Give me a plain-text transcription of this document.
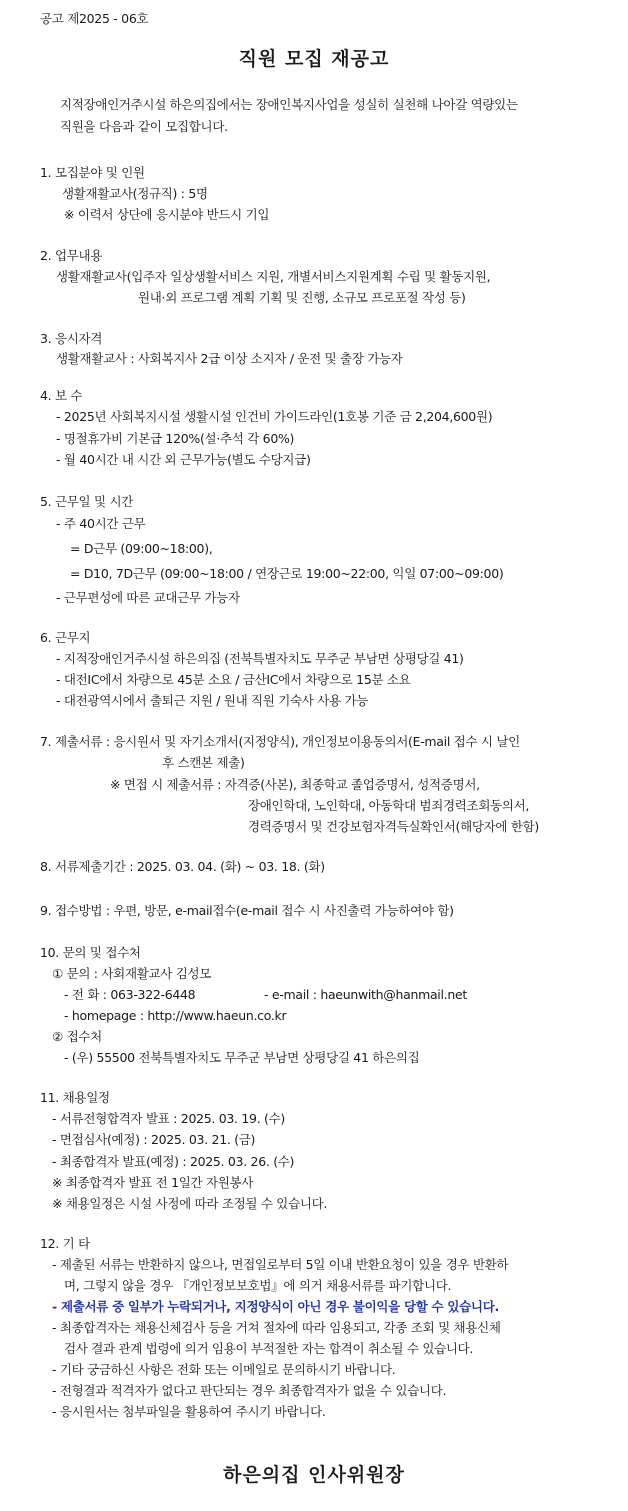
공고 제2025 - 06호
직원 모집 재공고
지적장애인거주시설 하은의집에서는 장애인복지사업을 성실히 실천해 나아갈 역량있는
직원을 다음과 같이 모집합니다.
1. 모집분야 및 인원
생활재활교사(정규직) : 5명
※ 이력서 상단에 응시분야 반드시 기입
2. 업무내용
생활재활교사(입주자 일상생활서비스 지원, 개별서비스지원계획 수립 및 활동지원,
원내·외 프로그램 계획 기획 및 진행, 소규모 프로포절 작성 등)
3. 응시자격
생활재활교사 : 사회복지사 2급 이상 소지자 / 운전 및 출장 가능자
4. 보 수
- 2025년 사회복지시설 생활시설 인건비 가이드라인(1호봉 기준 금 2,204,600원)
- 명절휴가비 기본급 120%(설·추석 각 60%)
- 월 40시간 내 시간 외 근무가능(별도 수당지급)
5. 근무일 및 시간
- 주 40시간 근무
= D근무 (09:00~18:00),
= D10, 7D근무 (09:00~18:00 / 연장근로 19:00~22:00, 익일 07:00~09:00)
- 근무편성에 따른 교대근무 가능자
6. 근무지
- 지적장애인거주시설 하은의집 (전북특별자치도 무주군 부남면 상평당길 41)
- 대전IC에서 차량으로 45분 소요 / 금산IC에서 차량으로 15분 소요
- 대전광역시에서 출퇴근 지원 / 원내 직원 기숙사 사용 가능
7. 제출서류 : 응시원서 및 자기소개서(지정양식), 개인정보이용동의서(E-mail 접수 시 날인
후 스캔본 제출)
※ 면접 시 제출서류 : 자격증(사본), 최종학교 졸업증명서, 성적증명서,
장애인학대, 노인학대, 아동학대 범죄경력조회동의서,
경력증명서 및 건강보험자격득실확인서(해당자에 한함)
8. 서류제출기간 : 2025. 03. 04. (화) ~ 03. 18. (화)
9. 접수방법 : 우편, 방문, e-mail접수(e-mail 접수 시 사진출력 가능하여야 함)
10. 문의 및 접수처
① 문의 : 사회재활교사 김성모
- 전 화 : 063-322-6448	- e-mail : haeunwith@hanmail.net
- homepage : http://www.haeun.co.kr
② 접수처
- (우) 55500 전북특별자치도 무주군 부남면 상평당길 41 하은의집
11. 채용일정
- 서류전형합격자 발표 : 2025. 03. 19. (수)
- 면접심사(예정) : 2025. 03. 21. (금)
- 최종합격자 발표(예정) : 2025. 03. 26. (수)
※ 최종합격자 발표 전 1일간 자원봉사
※ 채용일정은 시설 사정에 따라 조정될 수 있습니다.
12. 기 타
- 제출된 서류는 반환하지 않으나, 면접일로부터 5일 이내 반환요청이 있을 경우 반환하
며, 그렇지 않을 경우 『개인정보보호법』에 의거 채용서류를 파기합니다.
- 제출서류 중 일부가 누락되거나, 지정양식이 아닌 경우 불이익을 당할 수 있습니다.
- 최종합격자는 채용신체검사 등을 거쳐 절차에 따라 임용되고, 각종 조회 및 채용신체
검사 결과 관계 법령에 의거 임용이 부적절한 자는 합격이 취소될 수 있습니다.
- 기타 궁금하신 사항은 전화 또는 이메일로 문의하시기 바랍니다.
- 전형결과 적격자가 없다고 판단되는 경우 최종합격자가 없을 수 있습니다.
- 응시원서는 첨부파일을 활용하여 주시기 바랍니다.
하은의집 인사위원장
